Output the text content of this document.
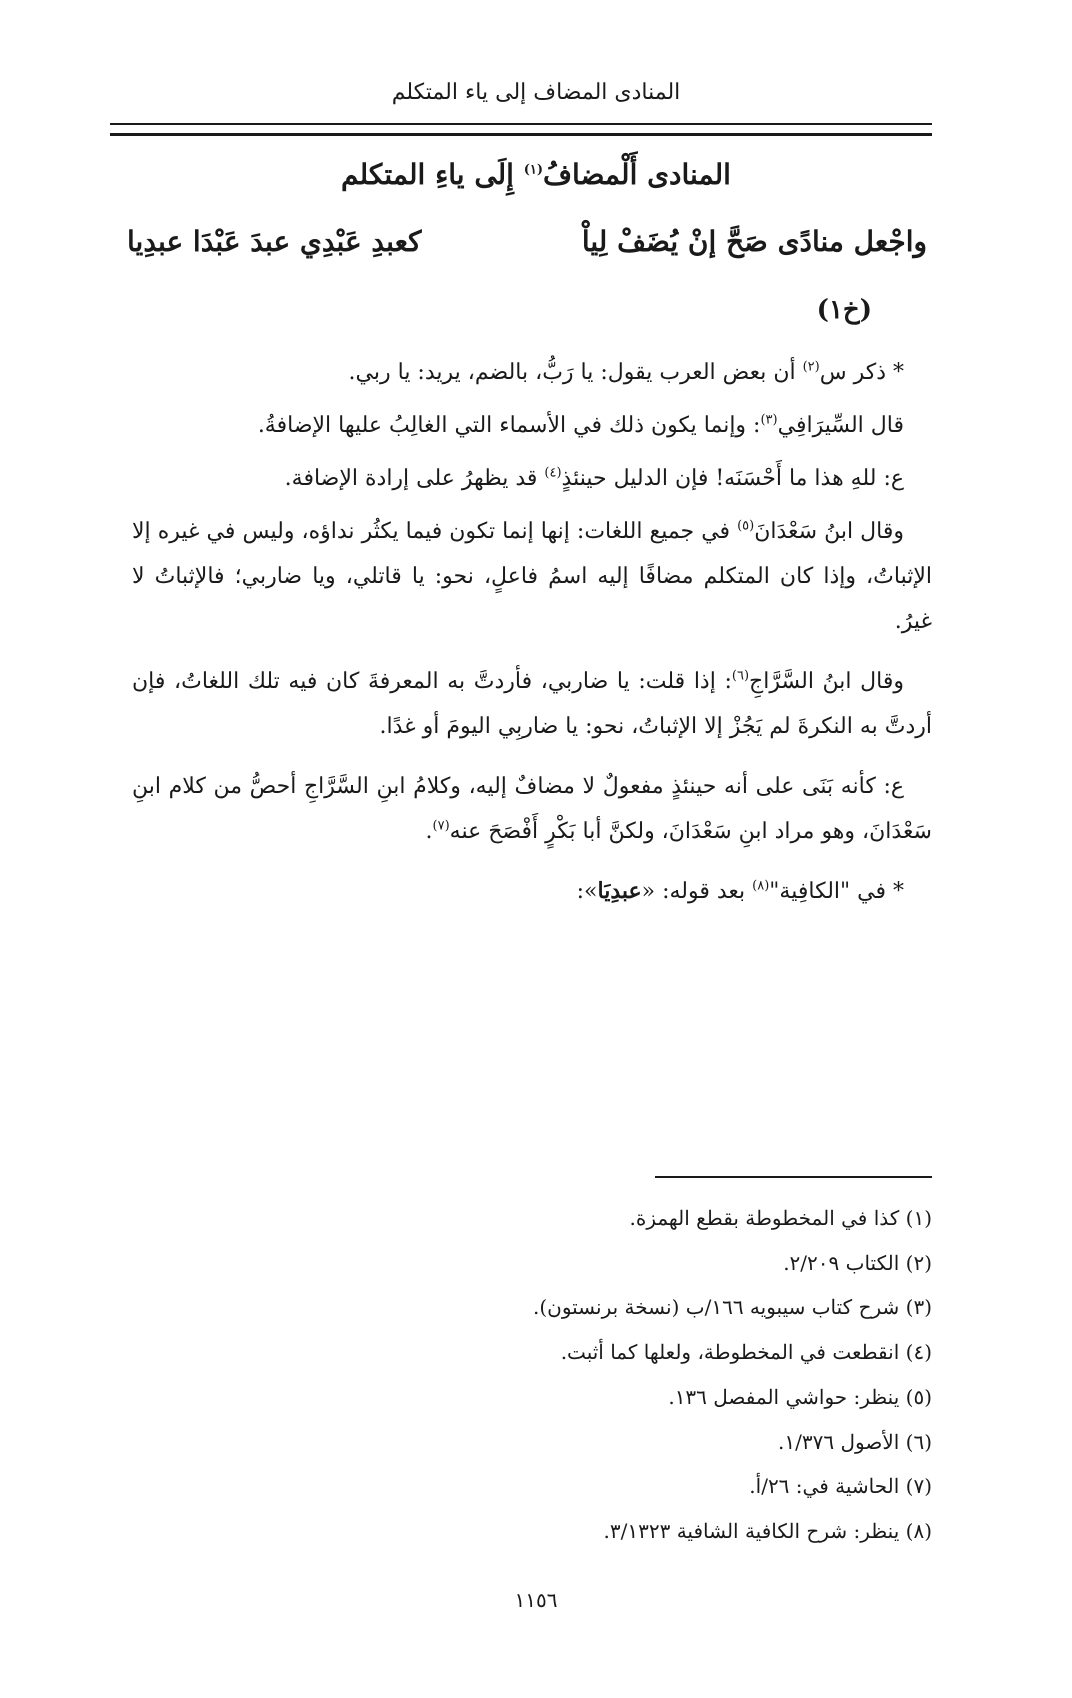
المنادى المضاف إلى ياء المتكلم
المنادى أَلْمضافُ$^{(١)}$ إِلَى ياءِ المتكلم
واجْعل منادًى صَحَّ إنْ يُضَفْ لِياْ
كعبدِ عَبْدِي عبدَ عَبْدَا عبدِيا
(خ١)

* ذكر س$^{(٢)}$ أن بعض العرب يقول: يا رَبُّ، بالضم، يريد: يا ربي.

قال السِّيرَافِي$^{(٣)}$: وإنما يكون ذلك في الأسماء التي الغالِبُ عليها الإضافةُ.

ع: للهِ هذا ما أَحْسَنَه! فإن الدليل حينئذٍ$^{(٤)}$ قد يظهرُ على إرادة الإضافة.

وقال ابنُ سَعْدَانَ$^{(٥)}$ في جميع اللغات: إنها إنما تكون فيما يكثُر نداؤه، وليس في غيره إلا الإثباتُ، وإذا كان المتكلم مضافًا إليه اسمُ فاعلٍ، نحو: يا قاتلي، ويا ضاربي؛ فالإثباتُ لا غيرُ.

وقال ابنُ السَّرَّاجِ$^{(٦)}$: إذا قلت: يا ضاربي، فأردتَّ به المعرفةَ كان فيه تلك اللغاتُ، فإن أردتَّ به النكرةَ لم يَجُزْ إلا الإثباتُ، نحو: يا ضاربِي اليومَ أو غدًا.

ع: كأنه بَنَى على أنه حينئذٍ مفعولٌ لا مضافٌ إليه، وكلامُ ابنِ السَّرَّاجِ أحصُّ من كلام ابنِ سَعْدَانَ، وهو مراد ابنِ سَعْدَانَ، ولكنَّ أبا بَكْرٍ أَفْصَحَ عنه$^{(٧)}$.

* في "الكافِية"$^{(٨)}$ بعد قوله: «عبدِيَا»:

(١) كذا في المخطوطة بقطع الهمزة.
(٢) الكتاب ٢/٢٠٩.
(٣) شرح كتاب سيبويه ١٦٦/ب (نسخة برنستون).
(٤) انقطعت في المخطوطة، ولعلها كما أثبت.
(٥) ينظر: حواشي المفصل ١٣٦.
(٦) الأصول ١/٣٧٦.
(٧) الحاشية في: ٢٦/أ.
(٨) ينظر: شرح الكافية الشافية ٣/١٣٢٣.
١١٥٦
